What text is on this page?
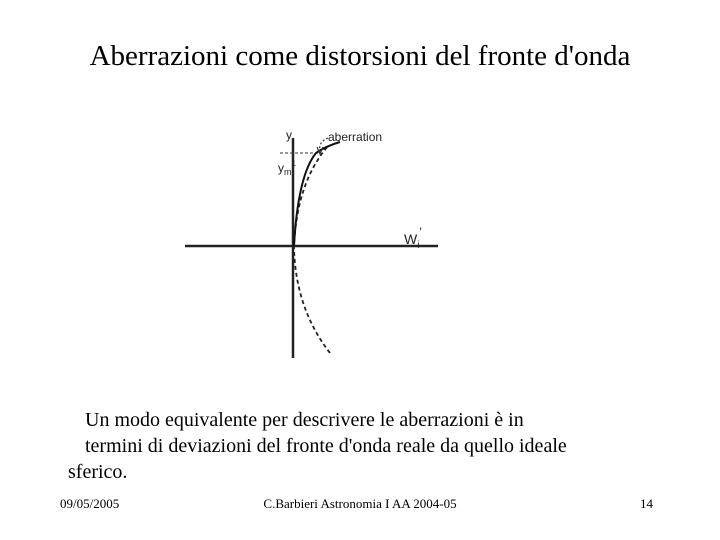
Aberrazioni come distorsioni del fronte d'onda
y
$y_m^1$
aberration
$W_i'$
Un modo equivalente per descrivere le aberrazioni è in
termini di deviazioni del fronte d'onda reale da quello ideale
sferico.
09/05/2005	C.Barbieri Astronomia I AA 2004-05	14
